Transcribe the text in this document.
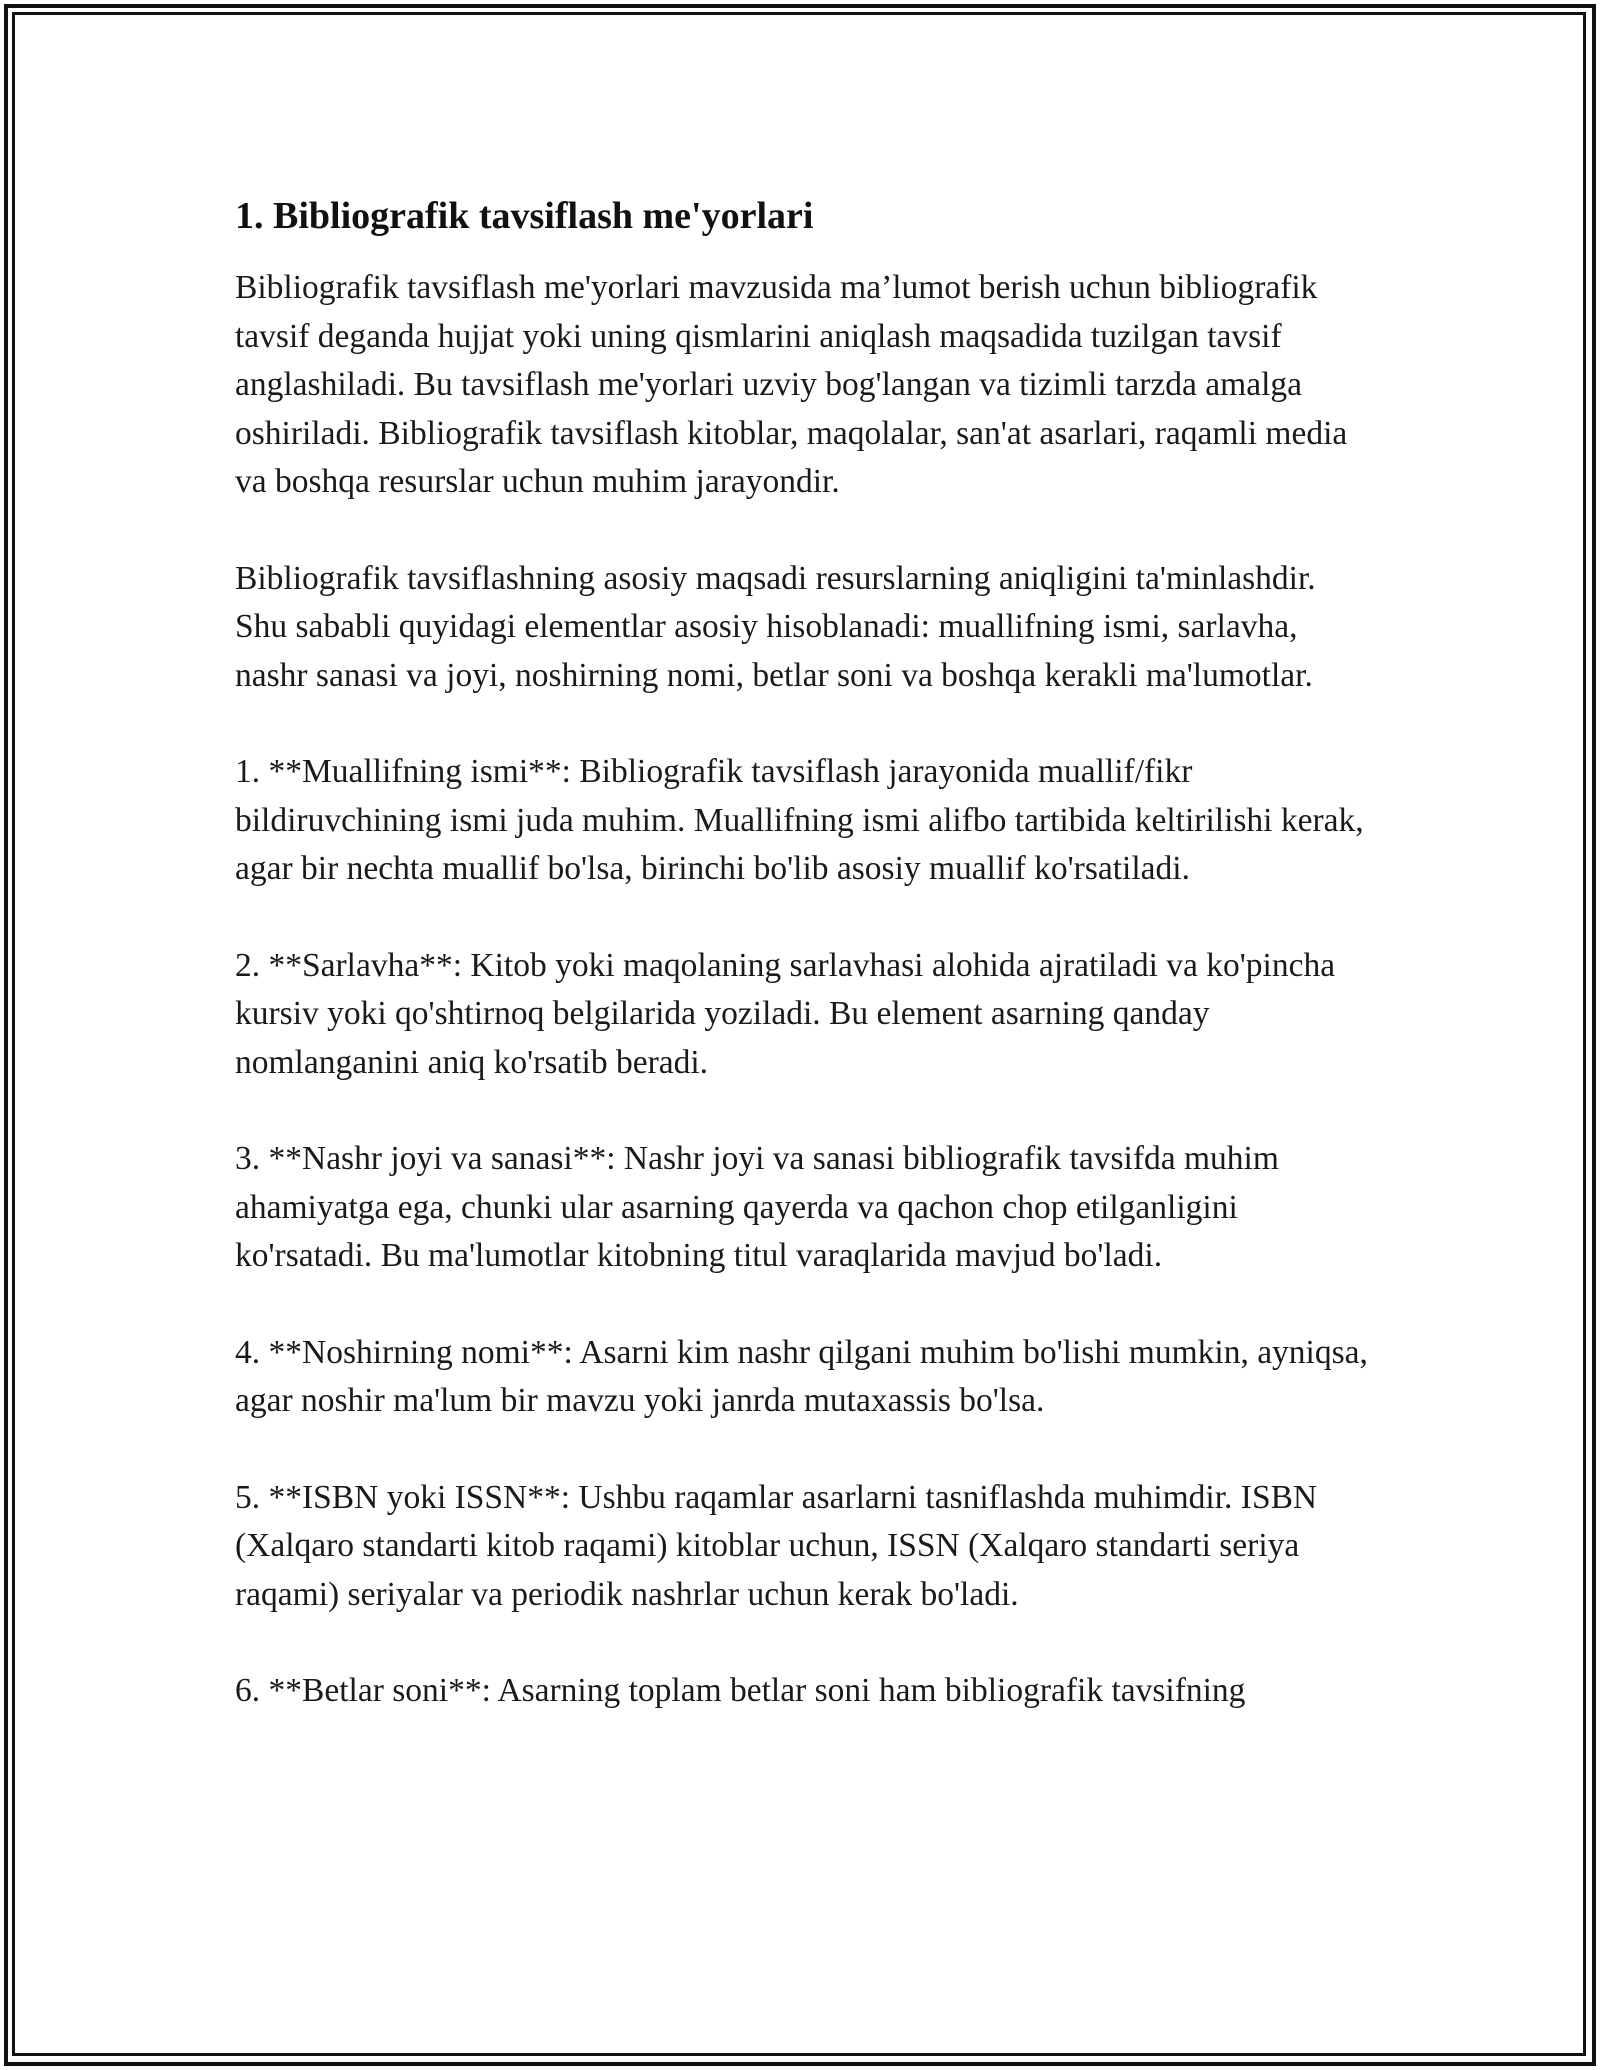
1. Bibliografik tavsiflash me'yorlari

Bibliografik tavsiflash me'yorlari mavzusida ma’lumot berish uchun bibliografik tavsif deganda hujjat yoki uning qismlarini aniqlash maqsadida tuzilgan tavsif anglashiladi. Bu tavsiflash me'yorlari uzviy bog'langan va tizimli tarzda amalga oshiriladi. Bibliografik tavsiflash kitoblar, maqolalar, san'at asarlari, raqamli media va boshqa resurslar uchun muhim jarayondir.

Bibliografik tavsiflashning asosiy maqsadi resurslarning aniqligini ta'minlashdir. Shu sababli quyidagi elementlar asosiy hisoblanadi: muallifning ismi, sarlavha, nashr sanasi va joyi, noshirning nomi, betlar soni va boshqa kerakli ma'lumotlar.

1. **Muallifning ismi**: Bibliografik tavsiflash jarayonida muallif/fikr bildiruvchining ismi juda muhim. Muallifning ismi alifbo tartibida keltirilishi kerak, agar bir nechta muallif bo'lsa, birinchi bo'lib asosiy muallif ko'rsatiladi.

2. **Sarlavha**: Kitob yoki maqolaning sarlavhasi alohida ajratiladi va ko'pincha kursiv yoki qo'shtirnoq belgilarida yoziladi. Bu element asarning qanday nomlanganini aniq ko'rsatib beradi.

3. **Nashr joyi va sanasi**: Nashr joyi va sanasi bibliografik tavsifda muhim ahamiyatga ega, chunki ular asarning qayerda va qachon chop etilganligini ko'rsatadi. Bu ma'lumotlar kitobning titul varaqlarida mavjud bo'ladi.

4. **Noshirning nomi**: Asarni kim nashr qilgani muhim bo'lishi mumkin, ayniqsa, agar noshir ma'lum bir mavzu yoki janrda mutaxassis bo'lsa.

5. **ISBN yoki ISSN**: Ushbu raqamlar asarlarni tasniflashda muhimdir. ISBN (Xalqaro standarti kitob raqami) kitoblar uchun, ISSN (Xalqaro standarti seriya raqami) seriyalar va periodik nashrlar uchun kerak bo'ladi.

6. **Betlar soni**: Asarning toplam betlar soni ham bibliografik tavsifning
